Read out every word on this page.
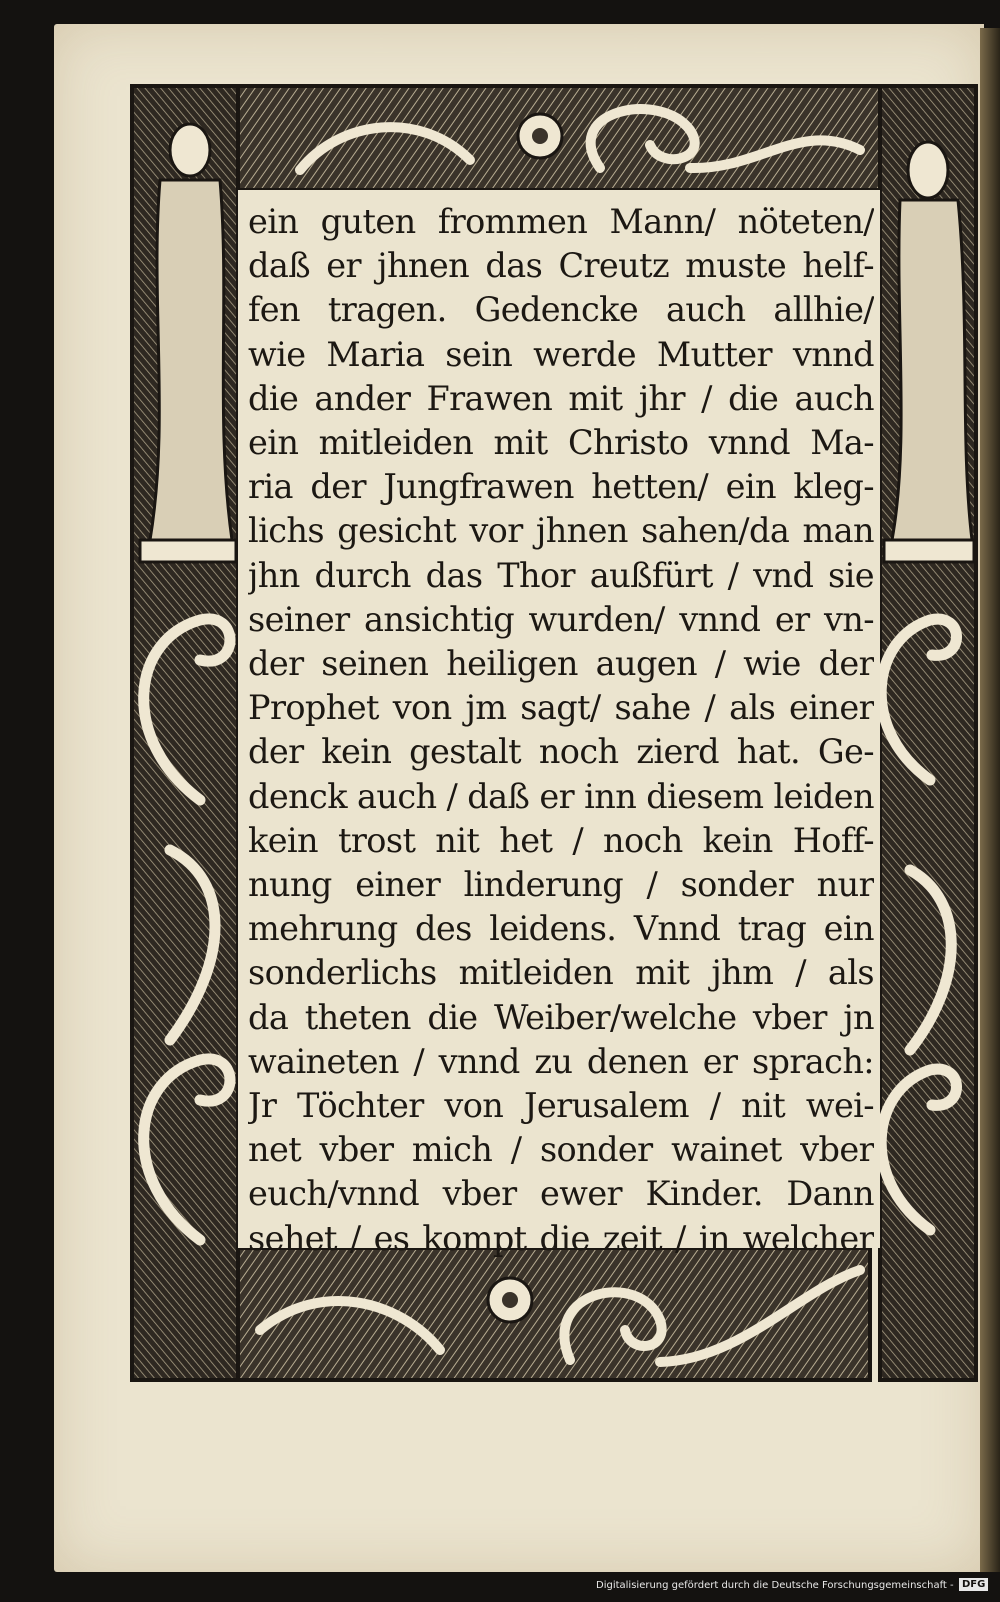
ein guten frommen Mann/ nöteten/
daß er jhnen das Creutz muste helf-
fen tragen. Gedencke auch allhie/
wie Maria sein werde Mutter vnnd
die ander Frawen mit jhr / die auch
ein mitleiden mit Christo vnnd Ma-
ria der Jungfrawen hetten/ ein kleg-
lichs gesicht vor jhnen sahen/da man
jhn durch das Thor außfürt / vnd sie
seiner ansichtig wurden/ vnnd er vn-
der seinen heiligen augen / wie der
Prophet von jm sagt/ sahe / als einer
der kein gestalt noch zierd hat. Ge-
denck auch / daß er inn diesem leiden
kein trost nit het / noch kein Hoff-
nung einer linderung / sonder nur
mehrung des leidens. Vnnd trag ein
sonderlichs mitleiden mit jhm / als
da theten die Weiber/welche vber jn
waineten / vnnd zu denen er sprach:
Jr Töchter von Jerusalem / nit wei-
net vber mich / sonder wainet vber
euch/vnnd vber ewer Kinder. Dann
sehet / es kompt die zeit / in welcher
Digitalisierung gefördert durch die Deutsche Forschungsgemeinschaft - DFG
